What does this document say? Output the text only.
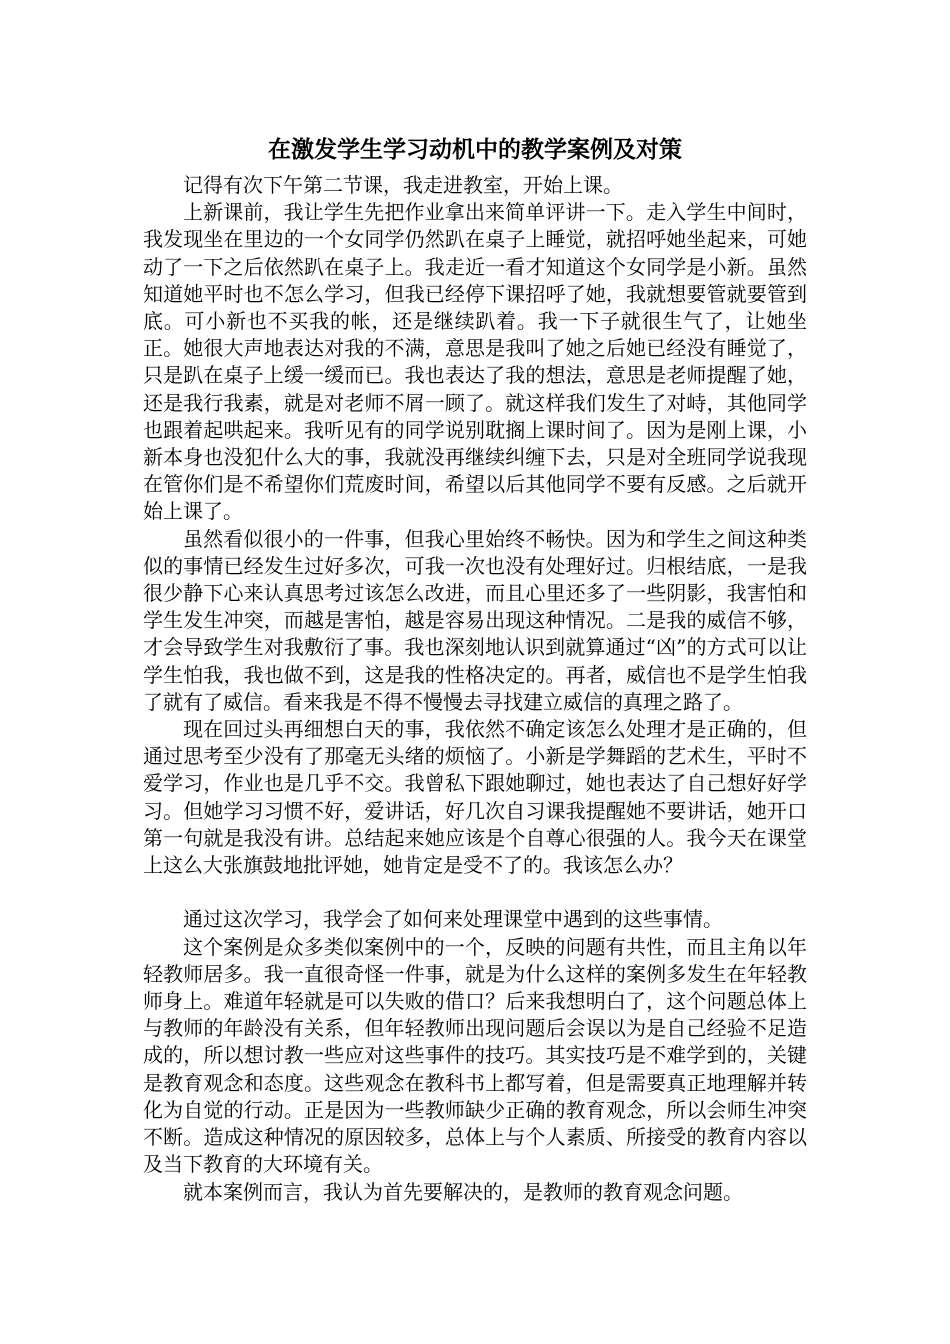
在激发学生学习动机中的教学案例及对策

记得有次下午第二节课，我走进教室，开始上课。

上新课前，我让学生先把作业拿出来简单评讲一下。走入学生中间时，我发现坐在里边的一个女同学仍然趴在桌子上睡觉，就招呼她坐起来，可她动了一下之后依然趴在桌子上。我走近一看才知道这个女同学是小新。虽然知道她平时也不怎么学习，但我已经停下课招呼了她，我就想要管就要管到底。可小新也不买我的帐，还是继续趴着。我一下子就很生气了，让她坐正。她很大声地表达对我的不满，意思是我叫了她之后她已经没有睡觉了，只是趴在桌子上缓一缓而已。我也表达了我的想法，意思是老师提醒了她，还是我行我素，就是对老师不屑一顾了。就这样我们发生了对峙，其他同学也跟着起哄起来。我听见有的同学说别耽搁上课时间了。因为是刚上课，小新本身也没犯什么大的事，我就没再继续纠缠下去，只是对全班同学说我现在管你们是不希望你们荒废时间，希望以后其他同学不要有反感。之后就开始上课了。

虽然看似很小的一件事，但我心里始终不畅快。因为和学生之间这种类似的事情已经发生过好多次，可我一次也没有处理好过。归根结底，一是我很少静下心来认真思考过该怎么改进，而且心里还多了一些阴影，我害怕和学生发生冲突，而越是害怕，越是容易出现这种情况。二是我的威信不够，才会导致学生对我敷衍了事。我也深刻地认识到就算通过“凶”的方式可以让学生怕我，我也做不到，这是我的性格决定的。再者，威信也不是学生怕我了就有了威信。看来我是不得不慢慢去寻找建立威信的真理之路了。

现在回过头再细想白天的事，我依然不确定该怎么处理才是正确的，但通过思考至少没有了那毫无头绪的烦恼了。小新是学舞蹈的艺术生，平时不爱学习，作业也是几乎不交。我曾私下跟她聊过，她也表达了自己想好好学习。但她学习习惯不好，爱讲话，好几次自习课我提醒她不要讲话，她开口第一句就是我没有讲。总结起来她应该是个自尊心很强的人。我今天在课堂上这么大张旗鼓地批评她，她肯定是受不了的。我该怎么办？

通过这次学习，我学会了如何来处理课堂中遇到的这些事情。

这个案例是众多类似案例中的一个，反映的问题有共性，而且主角以年轻教师居多。我一直很奇怪一件事，就是为什么这样的案例多发生在年轻教师身上。难道年轻就是可以失败的借口？后来我想明白了，这个问题总体上与教师的年龄没有关系，但年轻教师出现问题后会误以为是自己经验不足造成的，所以想讨教一些应对这些事件的技巧。其实技巧是不难学到的，关键是教育观念和态度。这些观念在教科书上都写着，但是需要真正地理解并转化为自觉的行动。正是因为一些教师缺少正确的教育观念，所以会师生冲突不断。造成这种情况的原因较多，总体上与个人素质、所接受的教育内容以及当下教育的大环境有关。

就本案例而言，我认为首先要解决的，是教师的教育观念问题。
